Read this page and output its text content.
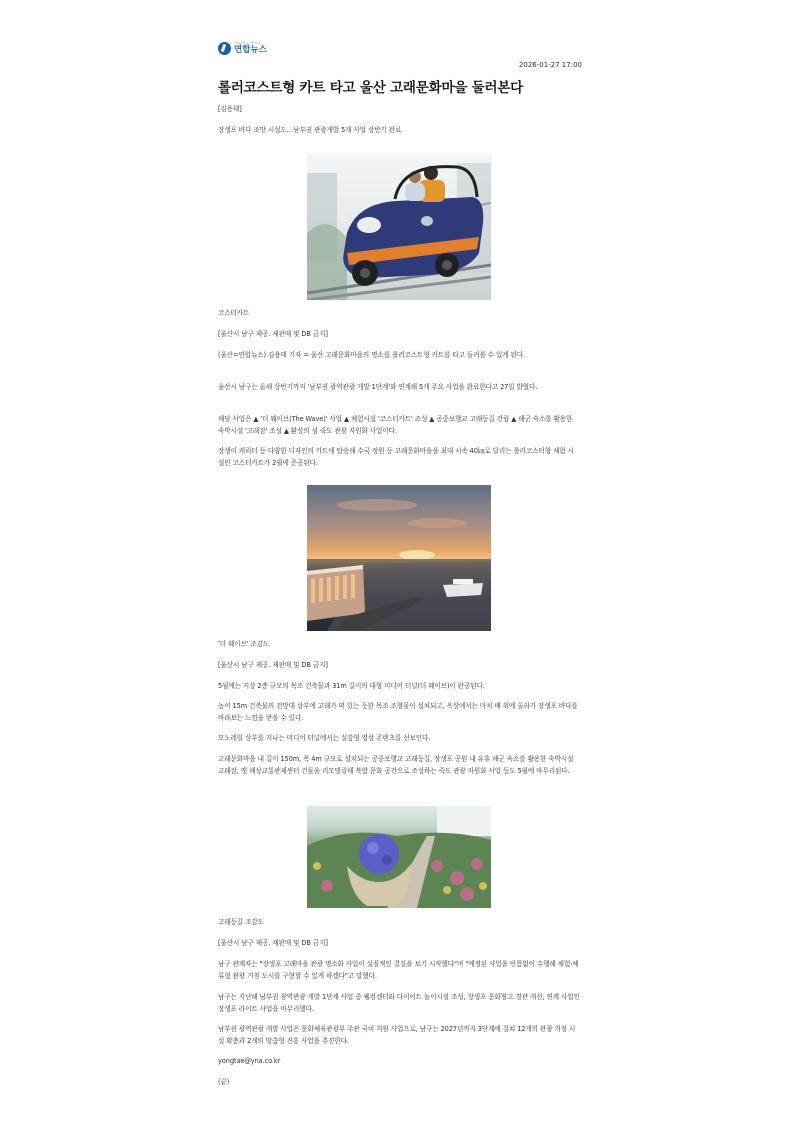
국가기간뉴스통신사
연합뉴스
2026-01-27 17:00
롤러코스트형 카트 타고 울산 고래문화마을 둘러본다
[김용태]
장생포 바다 조망 시설도…남부권 관광개발 5개 사업 상반기 완료
코스터카트
[울산시 남구 제공. 재판매 및 DB 금지]
(울산=연합뉴스) 김용태 기자 = 울산 고래문화마을의 명소를 롤러코스트형 카트를 타고 둘러볼 수 있게 된다.
울산시 남구는 올해 상반기까지 '남부권 광역관광 개발 1단계'와 연계해 5개 주요 사업을 완료한다고 27일 밝혔다.
해당 사업은 ▲ '더 웨이브(The Wave)' 사업 ▲ 체험시설 '코스터카트' 조성 ▲ 공중보행교 고래등길 건립 ▲ 해군 숙소를 활용한 숙박시설 '고래잠' 조성 ▲ 환상의 섬 죽도 관광 자원화 사업이다.
장생이 캐릭터 등 다양한 디자인의 카트에 탑승해 수국 정원 등 고래문화마을을 최대 시속 40㎞로 달리는 롤러코스터형 체험 시설인 코스터카트가 2월에 준공된다.
'더 웨이브' 조감도
[울산시 남구 제공. 재판매 및 DB 금지]
5월에는 지상 2층 규모의 목조 건축물과 31m 길이의 대형 미디어 터널(더 웨이브)이 완공된다.
높이 15m 건축물의 전망대 상부에 고래가 떠 있는 듯한 목조 조형물이 설치되고, 옥상에서는 마치 배 위에 올라가 장생포 바다를 바라보는 느낌을 받을 수 있다.
모노레일 상부를 지나는 미디어 터널에서는 실감형 영상 콘텐츠를 선보인다.
고래문화마을 내 길이 150m, 폭 4m 규모로 설치되는 공중보행교 고래등길, 장생포 공원 내 유휴 해군 숙소를 활용한 숙박시설 고래잠, 옛 해상교통관제센터 건물을 리모델링해 복합 문화 공간으로 조성하는 죽도 관광 자원화 사업 등도 5월에 마무리된다.
고래등길 조감도
[울산시 남구 제공. 재판매 및 DB 금지]
남구 관계자는 "장생포 고래마을 관광 명소화 사업이 실질적인 결실을 보기 시작했다"며 "예정된 사업을 빈틈없이 수행해 체험·체류형 관광 거점 도시를 구현할 수 있게 하겠다"고 말했다.
남구는 지난해 남부권 광역관광 개발 1단계 사업 중 웰컴센터와 다이어트 놀이시설 조성, 장생포 문화창고 경관 개선, 연계 사업인 장생포 라이트 사업을 마무리했다.
남부권 광역관광 개발 사업은 문화체육관광부 주관 국비 지원 사업으로, 남구는 2027년까지 3단계에 걸쳐 12개의 관광 거점 시설 확충과 2개의 맞춤형 진흥 사업을 추진한다.
yongtae@yna.co.kr
(끝)
